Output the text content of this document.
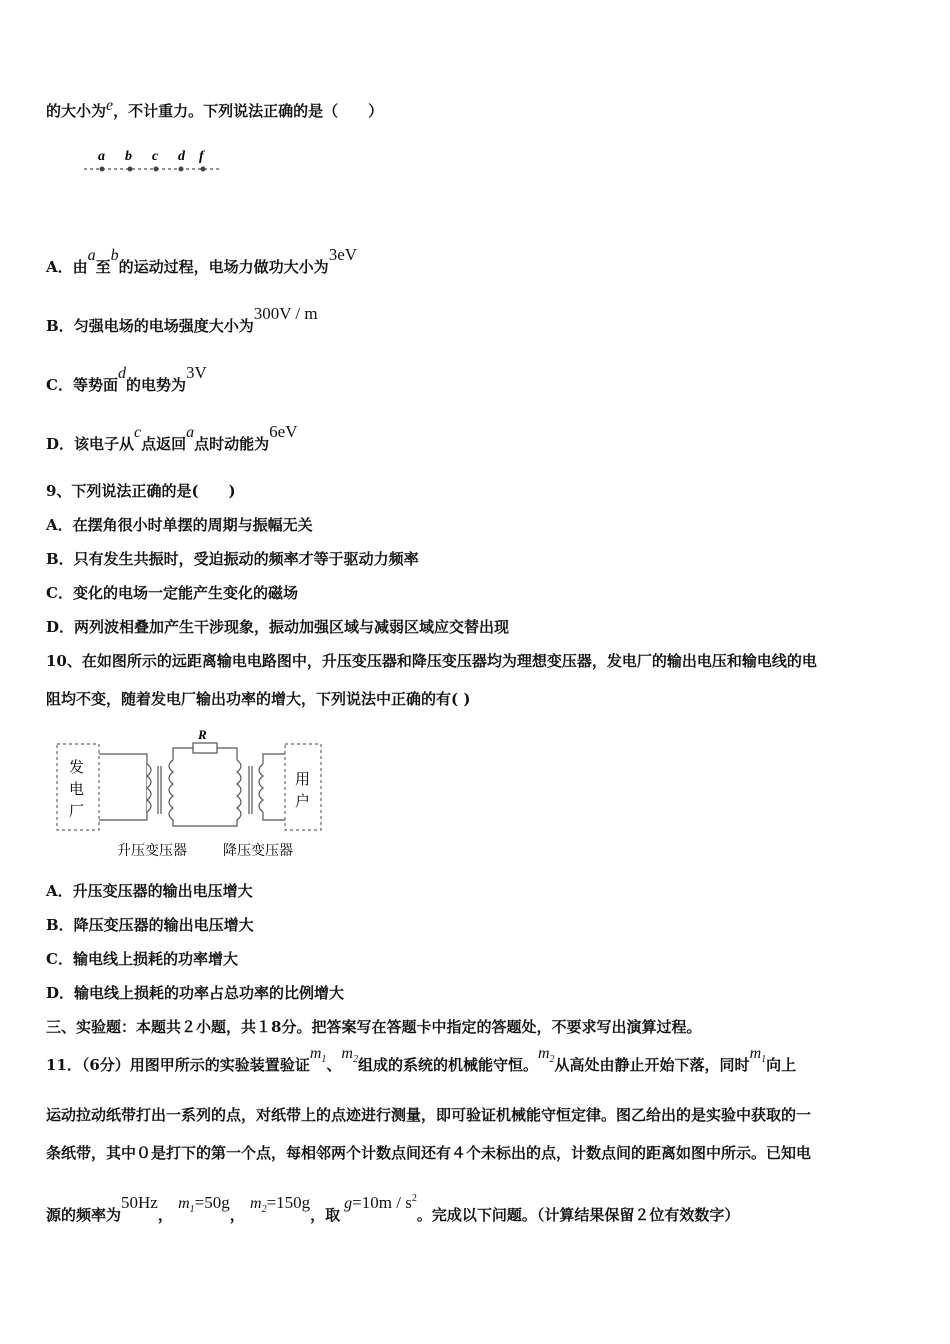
的大小为e，不计重力。下列说法正确的是（　　）
a b c d f
A．由a至b的运动过程，电场力做功大小为3eV
B．匀强电场的电场强度大小为300V / m
C．等势面d的电势为3V
D．该电子从c点返回a点时动能为6eV
9、下列说法正确的是(　　)
A．在摆角很小时单摆的周期与振幅无关
B．只有发生共振时，受迫振动的频率才等于驱动力频率
C．变化的电场一定能产生变化的磁场
D．两列波相叠加产生干涉现象，振动加强区域与减弱区域应交替出现
10、在如图所示的远距离输电电路图中，升压变压器和降压变压器均为理想变压器，发电厂的输出电压和输电线的电
阻均不变，随着发电厂输出功率的增大，下列说法中正确的有( )
发
电
厂
用
户
R
升压变压器	降压变压器
A．升压变压器的输出电压增大
B．降压变压器的输出电压增大
C．输电线上损耗的功率增大
D．输电线上损耗的功率占总功率的比例增大
三、实验题：本题共２小题，共１8分。把答案写在答题卡中指定的答题处，不要求写出演算过程。
11．（6分）用图甲所示的实验装置验证$m_1$、$m_2$组成的系统的机械能守恒。$m_2$从高处由静止开始下落，同时$m_1$向上
运动拉动纸带打出一系列的点，对纸带上的点迹进行测量，即可验证机械能守恒定律。图乙给出的是实验中获取的一
条纸带，其中０是打下的第一个点，每相邻两个计数点间还有４个未标出的点，计数点间的距离如图中所示。已知电
源的频率为50Hz， $m_1=50g$， $m_2=150g$，取$g=10m / s^2$。完成以下问题。（计算结果保留２位有效数字）
